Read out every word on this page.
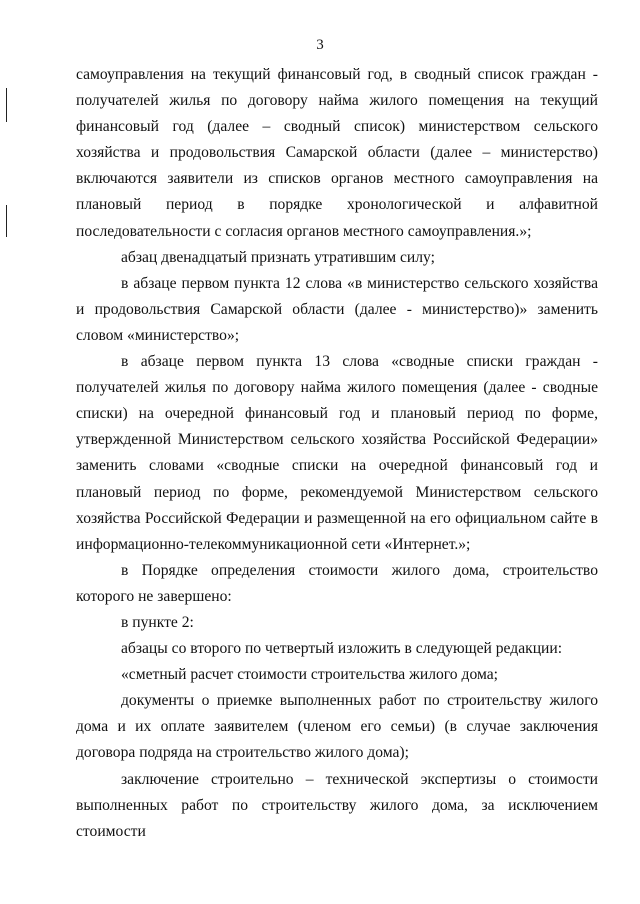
3

самоуправления на текущий финансовый год, в сводный список граждан - получателей жилья по договору найма жилого помещения на текущий финансовый год (далее – сводный список) министерством сельского хозяйства и продовольствия Самарской области (далее – министерство) включаются заявители из списков органов местного самоуправления на плановый период в порядке хронологической и алфавитной последовательности с согласия органов местного самоуправления.»;

абзац двенадцатый признать утратившим силу;

в абзаце первом пункта 12 слова «в министерство сельского хозяйства и продовольствия Самарской области (далее - министерство)» заменить словом «министерство»;

в абзаце первом пункта 13 слова «сводные списки граждан - получателей жилья по договору найма жилого помещения (далее - сводные списки) на очередной финансовый год и плановый период по форме, утвержденной Министерством сельского хозяйства Российской Федерации» заменить словами «сводные списки на очередной финансовый год и плановый период по форме, рекомендуемой Министерством сельского хозяйства Российской Федерации и размещенной на его официальном сайте в информационно-телекоммуникационной сети «Интернет.»;

в Порядке определения стоимости жилого дома, строительство которого не завершено:

в пункте 2:

абзацы со второго по четвертый изложить в следующей редакции:

«сметный расчет стоимости строительства жилого дома;

документы о приемке выполненных работ по строительству жилого дома и их оплате заявителем (членом его семьи) (в случае заключения договора подряда на строительство жилого дома);

заключение строительно – технической экспертизы о стоимости выполненных работ по строительству жилого дома, за исключением стоимости
